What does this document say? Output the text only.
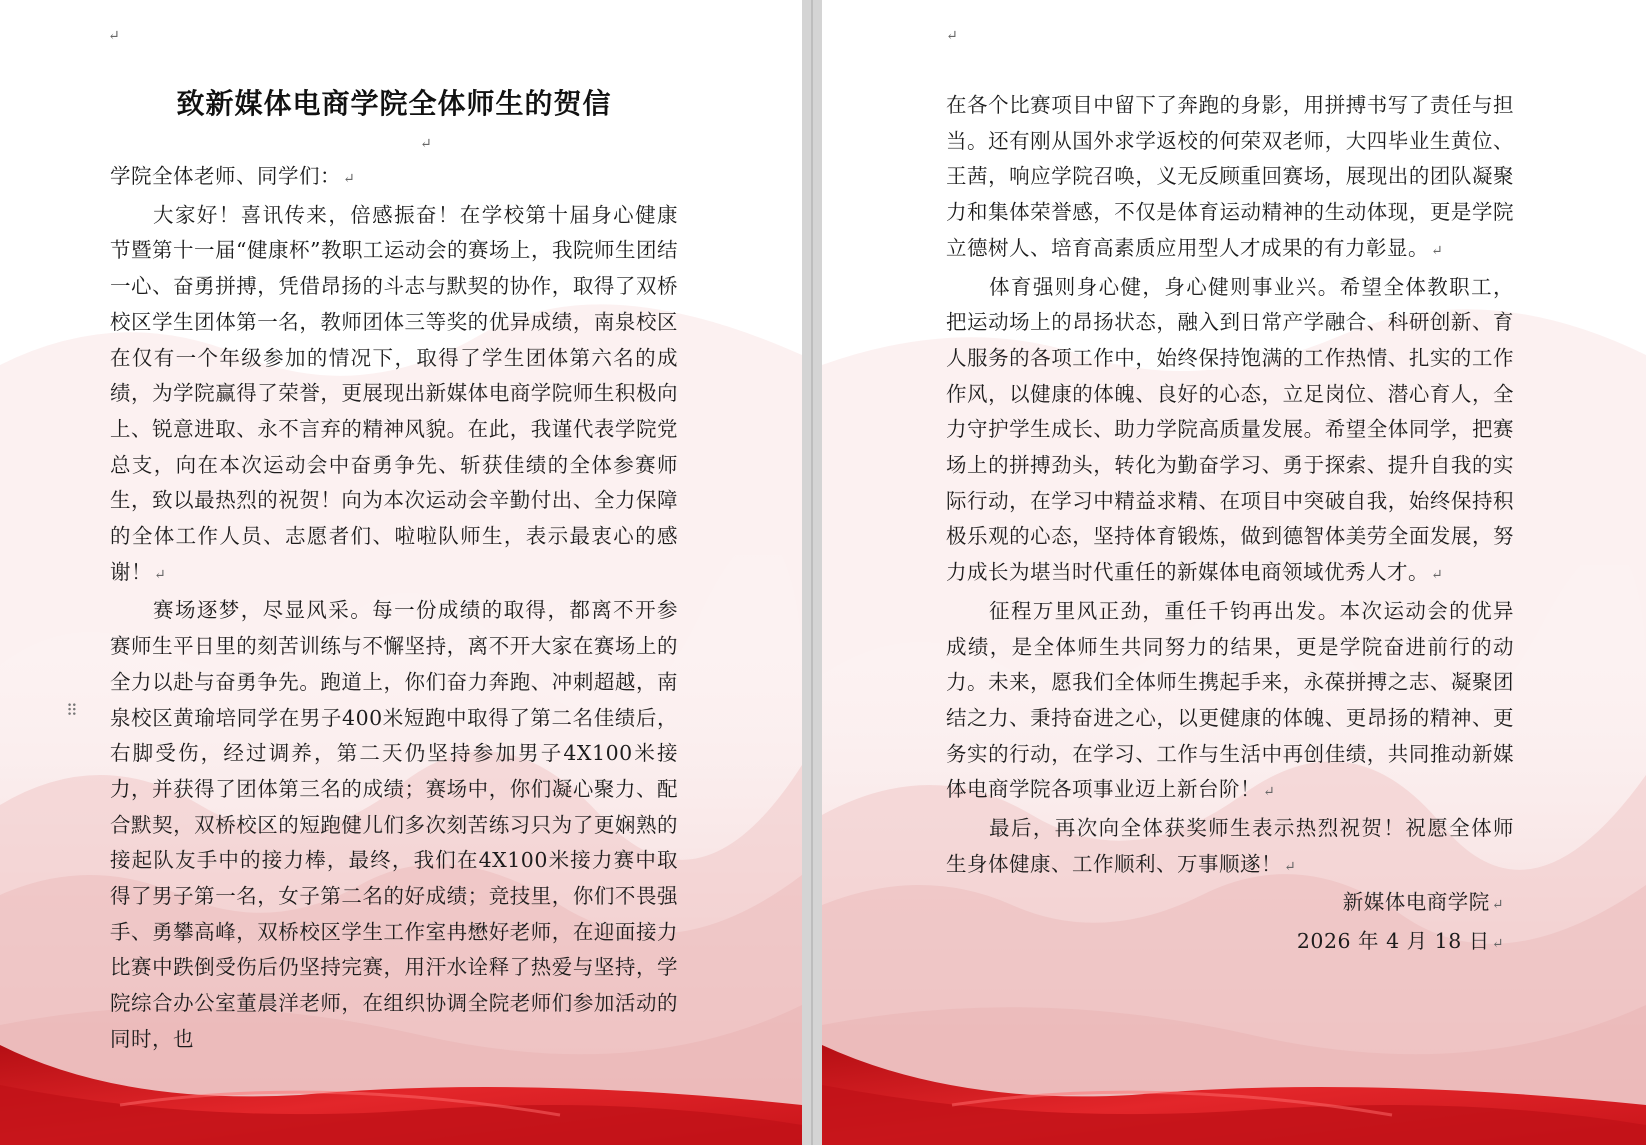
↵
致新媒体电商学院全体师生的贺信
↵
⠿

学院全体老师、同学们： ↵

大家好！喜讯传来，倍感振奋！在学校第十届身心健康节暨第十一届“健康杯”教职工运动会的赛场上，我院师生团结一心、奋勇拼搏，凭借昂扬的斗志与默契的协作，取得了双桥校区学生团体第一名，教师团体三等奖的优异成绩，南泉校区在仅有一个年级参加的情况下，取得了学生团体第六名的成绩，为学院赢得了荣誉，更展现出新媒体电商学院师生积极向上、锐意进取、永不言弃的精神风貌。在此，我谨代表学院党总支，向在本次运动会中奋勇争先、斩获佳绩的全体参赛师生，致以最热烈的祝贺！向为本次运动会辛勤付出、全力保障的全体工作人员、志愿者们、啦啦队师生，表示最衷心的感谢！ ↵

赛场逐梦，尽显风采。每一份成绩的取得，都离不开参赛师生平日里的刻苦训练与不懈坚持，离不开大家在赛场上的全力以赴与奋勇争先。跑道上，你们奋力奔跑、冲刺超越，南泉校区黄瑜培同学在男子400米短跑中取得了第二名佳绩后，右脚受伤，经过调养，第二天仍坚持参加男子4X100米接力，并获得了团体第三名的成绩；赛场中，你们凝心聚力、配合默契，双桥校区的短跑健儿们多次刻苦练习只为了更娴熟的接起队友手中的接力棒，最终，我们在4X100米接力赛中取得了男子第一名，女子第二名的好成绩；竞技里，你们不畏强手、勇攀高峰，双桥校区学生工作室冉懋好老师，在迎面接力比赛中跌倒受伤后仍坚持完赛，用汗水诠释了热爱与坚持，学院综合办公室董晨洋老师，在组织协调全院老师们参加活动的同时，也

↵

在各个比赛项目中留下了奔跑的身影，用拼搏书写了责任与担当。还有刚从国外求学返校的何荣双老师，大四毕业生黄位、王茜，响应学院召唤，义无反顾重回赛场，展现出的团队凝聚力和集体荣誉感，不仅是体育运动精神的生动体现，更是学院立德树人、培育高素质应用型人才成果的有力彰显。 ↵

体育强则身心健，身心健则事业兴。希望全体教职工，把运动场上的昂扬状态，融入到日常产学融合、科研创新、育人服务的各项工作中，始终保持饱满的工作热情、扎实的工作作风，以健康的体魄、良好的心态，立足岗位、潜心育人，全力守护学生成长、助力学院高质量发展。希望全体同学，把赛场上的拼搏劲头，转化为勤奋学习、勇于探索、提升自我的实际行动，在学习中精益求精、在项目中突破自我，始终保持积极乐观的心态，坚持体育锻炼，做到德智体美劳全面发展，努力成长为堪当时代重任的新媒体电商领域优秀人才。 ↵

征程万里风正劲，重任千钧再出发。本次运动会的优异成绩，是全体师生共同努力的结果，更是学院奋进前行的动力。未来，愿我们全体师生携起手来，永葆拼搏之志、凝聚团结之力、秉持奋进之心，以更健康的体魄、更昂扬的精神、更务实的行动，在学习、工作与生活中再创佳绩，共同推动新媒体电商学院各项事业迈上新台阶！ ↵

最后，再次向全体获奖师生表示热烈祝贺！祝愿全体师生身体健康、工作顺利、万事顺遂！ ↵

新媒体电商学院 ↵

2026 年 4 月 18 日 ↵
